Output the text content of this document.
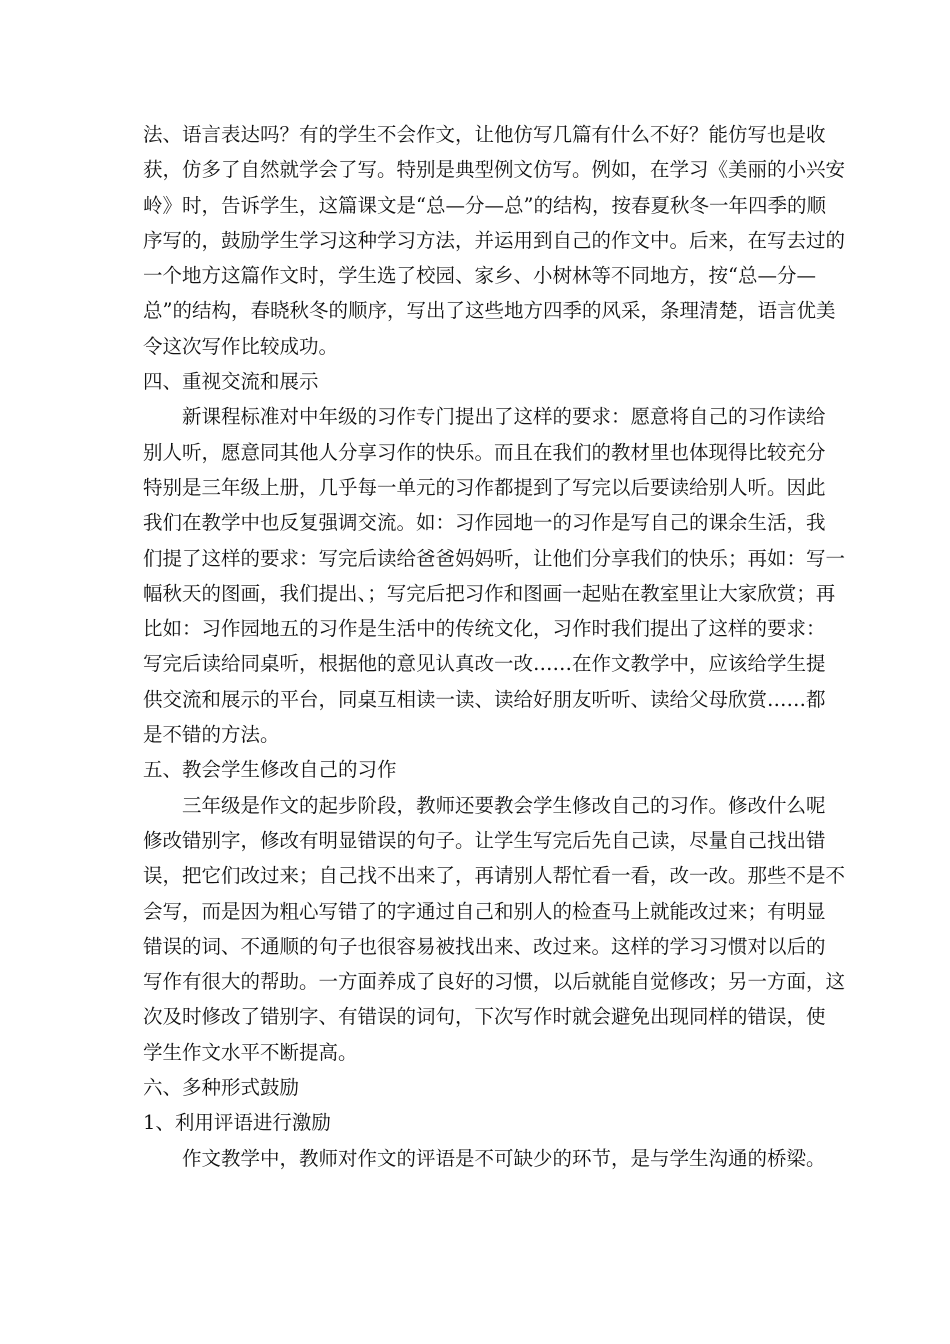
法、语言表达吗？有的学生不会作文，让他仿写几篇有什么不好？能仿写也是收
获，仿多了自然就学会了写。特别是典型例文仿写。例如，在学习《美丽的小兴安
岭》时，告诉学生，这篇课文是“总—分—总”的结构，按春夏秋冬一年四季的顺
序写的，鼓励学生学习这种学习方法，并运用到自己的作文中。后来，在写去过的
一个地方这篇作文时，学生选了校园、家乡、小树林等不同地方，按“总—分—
总”的结构，春晓秋冬的顺序，写出了这些地方四季的风采，条理清楚，语言优美
令这次写作比较成功。
四、重视交流和展示
新课程标准对中年级的习作专门提出了这样的要求：愿意将自己的习作读给
别人听，愿意同其他人分享习作的快乐。而且在我们的教材里也体现得比较充分
特别是三年级上册，几乎每一单元的习作都提到了写完以后要读给别人听。因此
我们在教学中也反复强调交流。如：习作园地一的习作是写自己的课余生活，我
们提了这样的要求：写完后读给爸爸妈妈听，让他们分享我们的快乐；再如：写一
幅秋天的图画，我们提出、；写完后把习作和图画一起贴在教室里让大家欣赏；再
比如：习作园地五的习作是生活中的传统文化，习作时我们提出了这样的要求：
写完后读给同桌听，根据他的意见认真改一改……在作文教学中，应该给学生提
供交流和展示的平台，同桌互相读一读、读给好朋友听听、读给父母欣赏……都
是不错的方法。
五、教会学生修改自己的习作
三年级是作文的起步阶段，教师还要教会学生修改自己的习作。修改什么呢
修改错别字，修改有明显错误的句子。让学生写完后先自己读，尽量自己找出错
误，把它们改过来；自己找不出来了，再请别人帮忙看一看，改一改。那些不是不
会写，而是因为粗心写错了的字通过自己和别人的检查马上就能改过来；有明显
错误的词、不通顺的句子也很容易被找出来、改过来。这样的学习习惯对以后的
写作有很大的帮助。一方面养成了良好的习惯，以后就能自觉修改；另一方面，这
次及时修改了错别字、有错误的词句，下次写作时就会避免出现同样的错误，使
学生作文水平不断提高。
六、多种形式鼓励
1、利用评语进行激励
作文教学中，教师对作文的评语是不可缺少的环节，是与学生沟通的桥梁。
